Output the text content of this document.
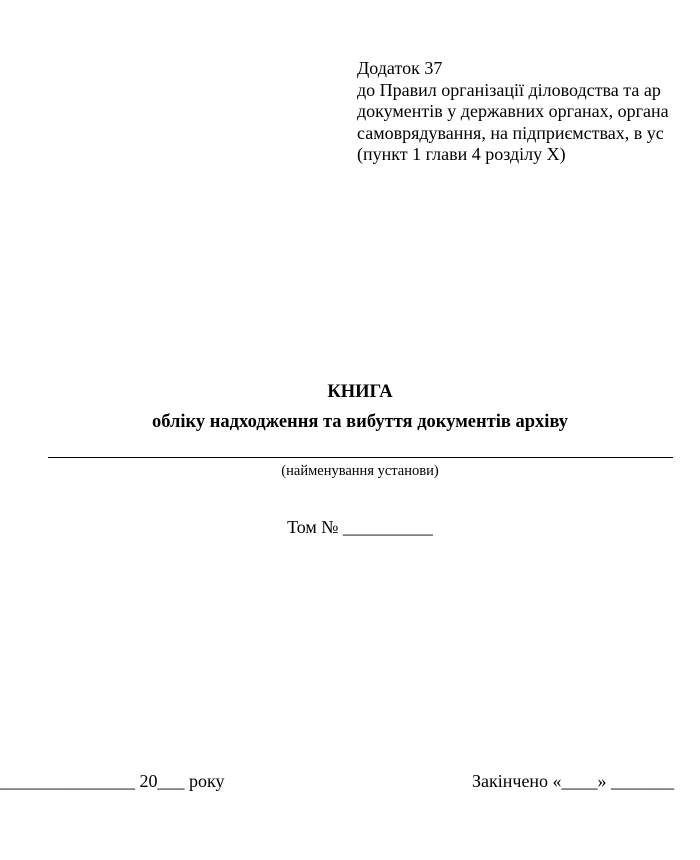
Додаток 37
до Правил організації діловодства та ар
документів у державних органах, органа
самоврядування, на підприємствах, в ус
(пункт 1 глави 4 розділу X)
КНИГА
обліку надходження та вибуття документів архіву
(найменування установи)
Том № __________
_______________ 20___ року	Закінчено «____» _______
